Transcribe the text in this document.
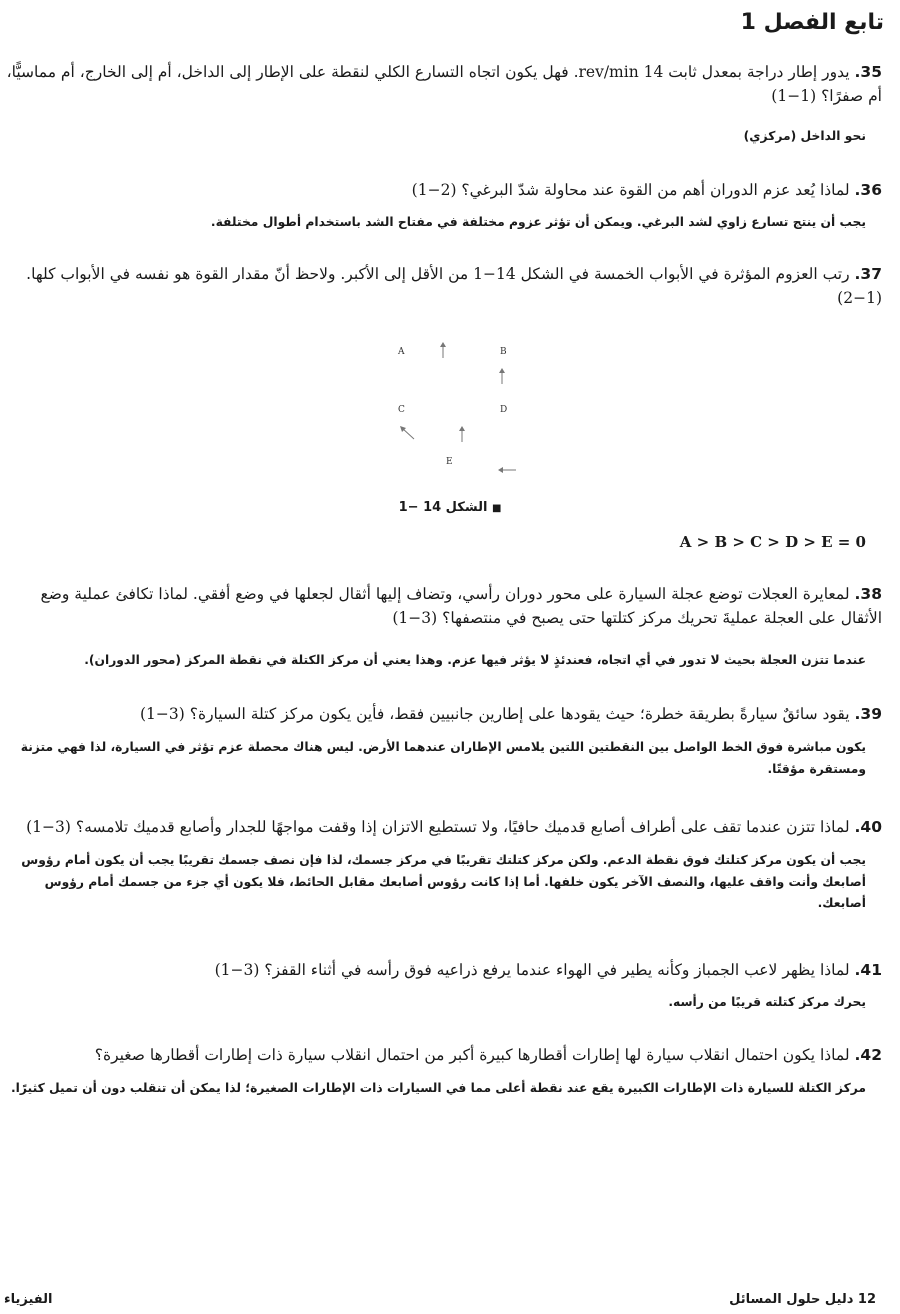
تابع الفصل 1
35. يدور إطار دراجة بمعدل ثابت 14 rev/min. فهل يكون اتجاه التسارع الكلي لنقطة على الإطار إلى الداخل، أم إلى الخارج، أم مماسيًّا، أم صفرًا؟ (1−1)
نحو الداخل (مركزي)
36. لماذا يُعد عزم الدوران أهم من القوة عند محاولة شدّ البرغي؟ (2−1)
يجب أن ينتج تسارع زاوي لشد البرغي. ويمكن أن تؤثر عزوم مختلفة في مفتاح الشد باستخدام أطوال مختلفة.
37. رتب العزوم المؤثرة في الأبواب الخمسة في الشكل 14−1 من الأقل إلى الأكبر. ولاحظ أنّ مقدار القوة هو نفسه في الأبواب كلها. (1−2)
A	B
C	D
E
■ الشكل 14 −1
A > B > C > D > E = 0
38. لمعايرة العجلات توضع عجلة السيارة على محور دوران رأسي، وتضاف إليها أثقال لجعلها في وضع أفقي. لماذا تكافئ عملية وضع الأثقال على العجلة عمليةَ تحريك مركز كتلتها حتى يصبح في منتصفها؟ (3−1)
عندما تتزن العجلة بحيث لا تدور في أي اتجاه، فعندئذٍ لا يؤثر فيها عزم. وهذا يعني أن مركز الكتلة في نقطة المركز (محور الدوران).
39. يقود سائقٌ سيارةً بطريقة خطرة؛ حيث يقودها على إطارين جانبيين فقط، فأين يكون مركز كتلة السيارة؟ (3−1)
يكون مباشرة فوق الخط الواصل بين النقطتين اللتين يلامس الإطاران عندهما الأرض. ليس هناك محصلة عزم تؤثر في السيارة، لذا فهي متزنة ومستقرة مؤقتًا.
40. لماذا تتزن عندما تقف على أطراف أصابع قدميك حافيًا، ولا تستطيع الاتزان إذا وقفت مواجهًا للجدار وأصابع قدميك تلامسه؟ (3−1)
يجب أن يكون مركز كتلتك فوق نقطة الدعم. ولكن مركز كتلتك تقريبًا في مركز جسمك، لذا فإن نصف جسمك تقريبًا يجب أن يكون أمام رؤوس أصابعك وأنت واقف عليها، والنصف الآخر يكون خلفها. أما إذا كانت رؤوس أصابعك مقابل الحائط، فلا يكون أي جزء من جسمك أمام رؤوس أصابعك.
41. لماذا يظهر لاعب الجمباز وكأنه يطير في الهواء عندما يرفع ذراعيه فوق رأسه في أثناء القفز؟ (3−1)
يحرك مركز كتلته قريبًا من رأسه.
42. لماذا يكون احتمال انقلاب سيارة لها إطارات أقطارها كبيرة أكبر من احتمال انقلاب سيارة ذات إطارات أقطارها صغيرة؟
مركز الكتلة للسيارة ذات الإطارات الكبيرة يقع عند نقطة أعلى مما في السيارات ذات الإطارات الصغيرة؛ لذا يمكن أن تنقلب دون أن تميل كثيرًا.
الفيزياء	12 دليل حلول المسائل
